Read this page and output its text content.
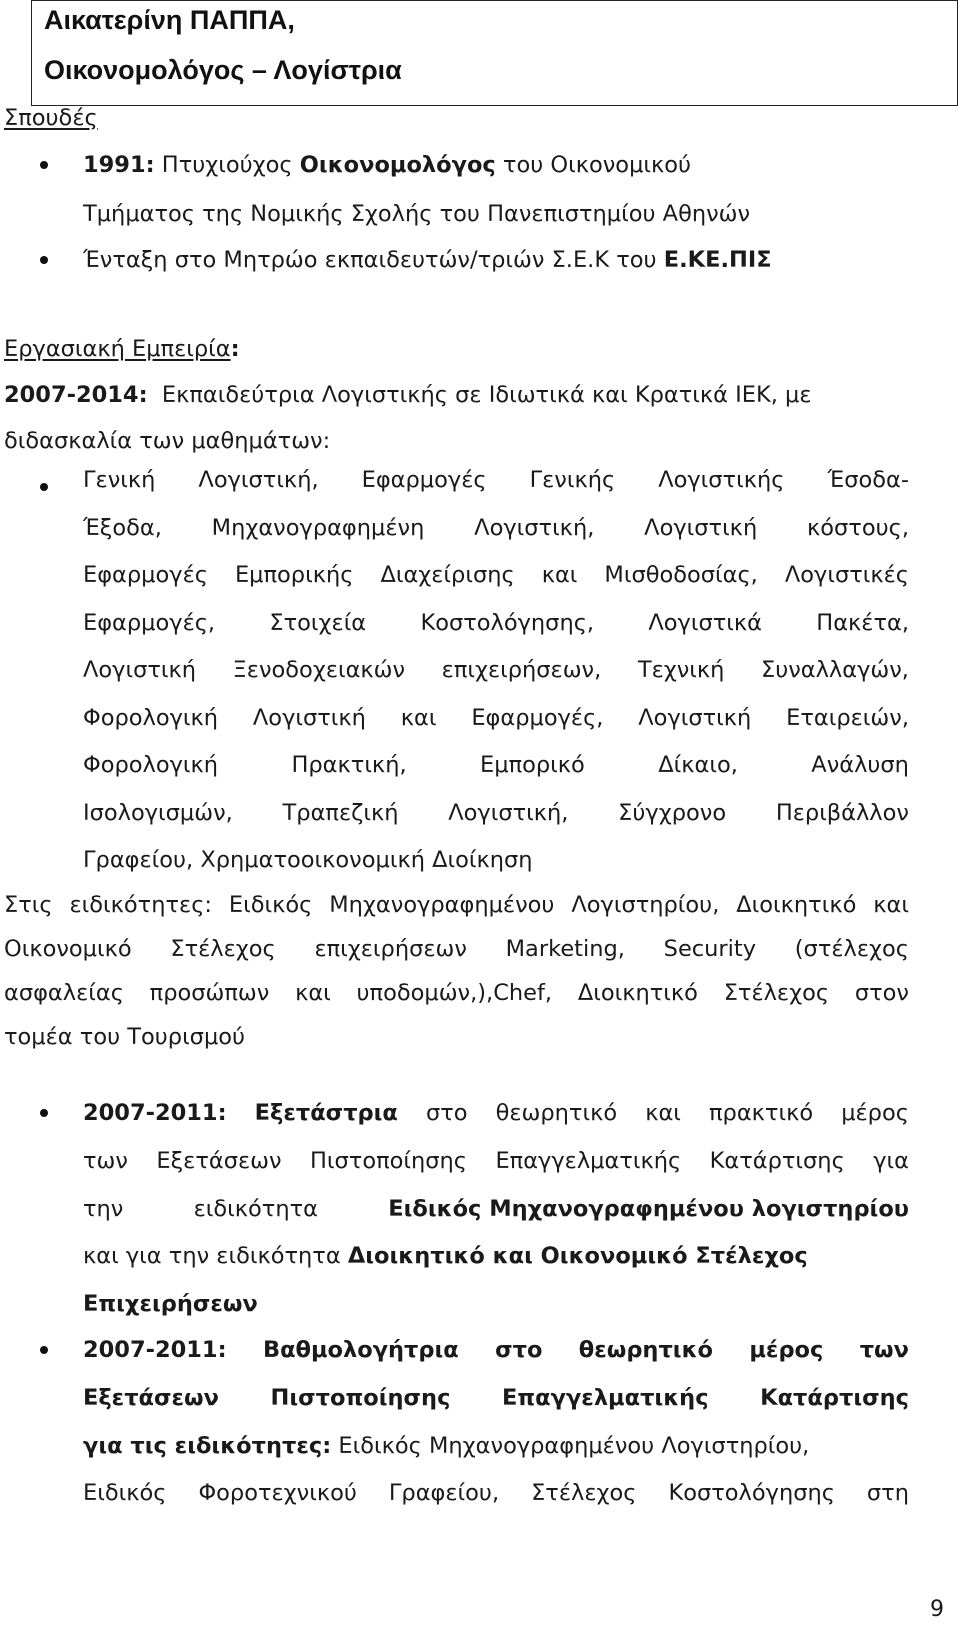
Αικατερίνη ΠΑΠΠΑ,
Οικονομολόγος – Λογίστρια
Σπουδές
1991: Πτυχιούχος Οικονομολόγος του Οικονομικού
Τμήματος της Νομικής Σχολής του Πανεπιστημίου Αθηνών
Ένταξη στο Μητρώο εκπαιδευτών/τριών Σ.Ε.Κ του Ε.ΚΕ.ΠΙΣ
Εργασιακή Εμπειρία:
2007-2014: Εκπαιδεύτρια Λογιστικής σε Ιδιωτικά και Κρατικά ΙΕΚ, με
διδασκαλία των μαθημάτων:
Γενική Λογιστική, Εφαρμογές Γενικής Λογιστικής Έσοδα-
Έξοδα, Μηχανογραφημένη Λογιστική, Λογιστική κόστους,
Εφαρμογές Εμπορικής Διαχείρισης και Μισθοδοσίας, Λογιστικές
Εφαρμογές, Στοιχεία Κοστολόγησης, Λογιστικά Πακέτα,
Λογιστική Ξενοδοχειακών επιχειρήσεων, Τεχνική Συναλλαγών,
Φορολογική Λογιστική και Εφαρμογές, Λογιστική Εταιρειών,
Φορολογική	Πρακτική,	Εμπορικό	Δίκαιο,	Ανάλυση
Ισολογισμών, Τραπεζική Λογιστική, Σύγχρονο Περιβάλλον
Γραφείου, Χρηματοοικονομική Διοίκηση
Στις ειδικότητες: Ειδικός Μηχανογραφημένου Λογιστηρίου, Διοικητικό και
Οικονομικό Στέλεχος επιχειρήσεων Marketing, Security (στέλεχος
ασφαλείας προσώπων και υποδομών,),Chef, Διοικητικό Στέλεχος στον
τομέα του Τουρισμού
2007-2011: Εξετάστρια στο θεωρητικό και πρακτικό μέρος
των Εξετάσεων Πιστοποίησης Επαγγελματικής Κατάρτισης για
την	ειδικότητα	Ειδικός Μηχανογραφημένου λογιστηρίου
και για την ειδικότητα Διοικητικό και Οικονομικό Στέλεχος
Επιχειρήσεων
2007-2011: Βαθμολογήτρια στο θεωρητικό μέρος των
Εξετάσεων Πιστοποίησης Επαγγελματικής Κατάρτισης
για τις ειδικότητες: Ειδικός Μηχανογραφημένου Λογιστηρίου,
Ειδικός Φοροτεχνικού Γραφείου, Στέλεχος Κοστολόγησης στη
9
